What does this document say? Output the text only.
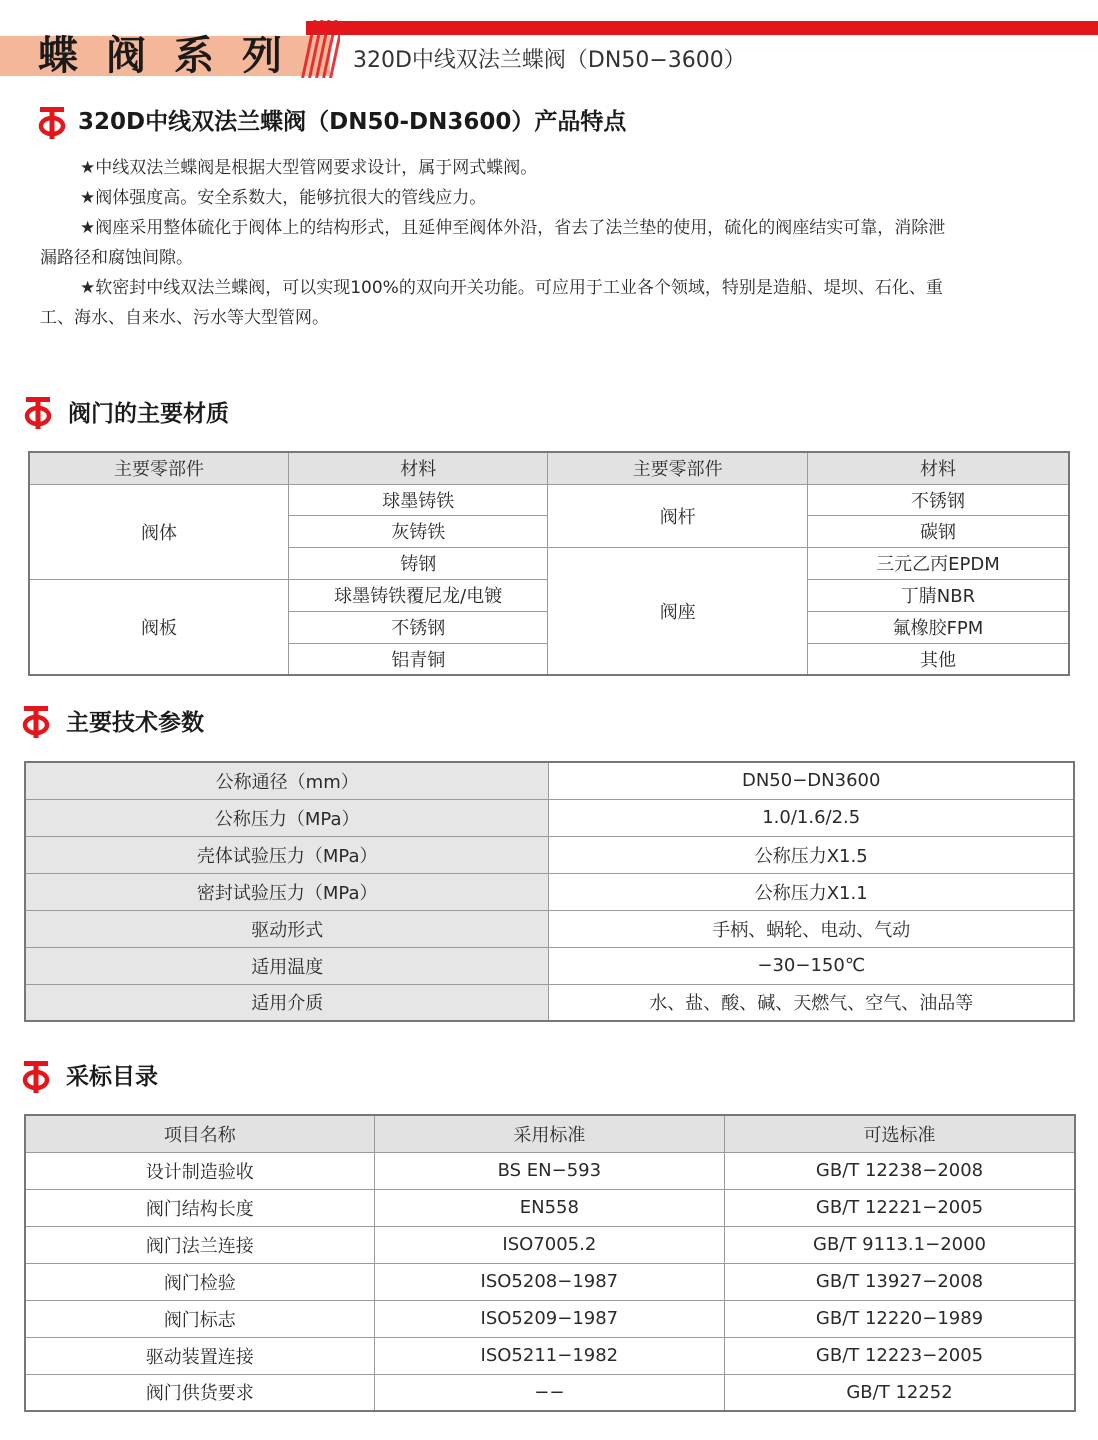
蝶阀系列 320D中线双法兰蝶阀（DN50−3600）
320D中线双法兰蝶阀（DN50-DN3600）产品特点

★中线双法兰蝶阀是根据大型管网要求设计，属于网式蝶阀。

★阀体强度高。安全系数大，能够抗很大的管线应力。

★阀座采用整体硫化于阀体上的结构形式，且延伸至阀体外沿，省去了法兰垫的使用，硫化的阀座结实可靠，消除泄

漏路径和腐蚀间隙。

★软密封中线双法兰蝶阀，可以实现100%的双向开关功能。可应用于工业各个领域，特别是造船、堤坝、石化、重

工、海水、自来水、污水等大型管网。

阀门的主要材质
主要零部件	材料	主要零部件	材料
阀体	球墨铸铁	阀杆	不锈钢
	灰铸铁		碳钢
	铸钢	阀座	三元乙丙EPDM
阀板	球墨铸铁覆尼龙/电镀		丁腈NBR
	不锈钢		氟橡胶FPM
	铝青铜		其他
主要技术参数
公称通径（mm）	DN50−DN3600
公称压力（MPa）	1.0/1.6/2.5
壳体试验压力（MPa）	公称压力X1.5
密封试验压力（MPa）	公称压力X1.1
驱动形式	手柄、蜗轮、电动、气动
适用温度	−30−150℃
适用介质	水、盐、酸、碱、天燃气、空气、油品等
采标目录
项目名称	采用标准	可选标准
设计制造验收	BS EN−593	GB/T 12238−2008
阀门结构长度	EN558	GB/T 12221−2005
阀门法兰连接	ISO7005.2	GB/T 9113.1−2000
阀门检验	ISO5208−1987	GB/T 13927−2008
阀门标志	ISO5209−1987	GB/T 12220−1989
驱动装置连接	ISO5211−1982	GB/T 12223−2005
阀门供货要求	−−	GB/T 12252
